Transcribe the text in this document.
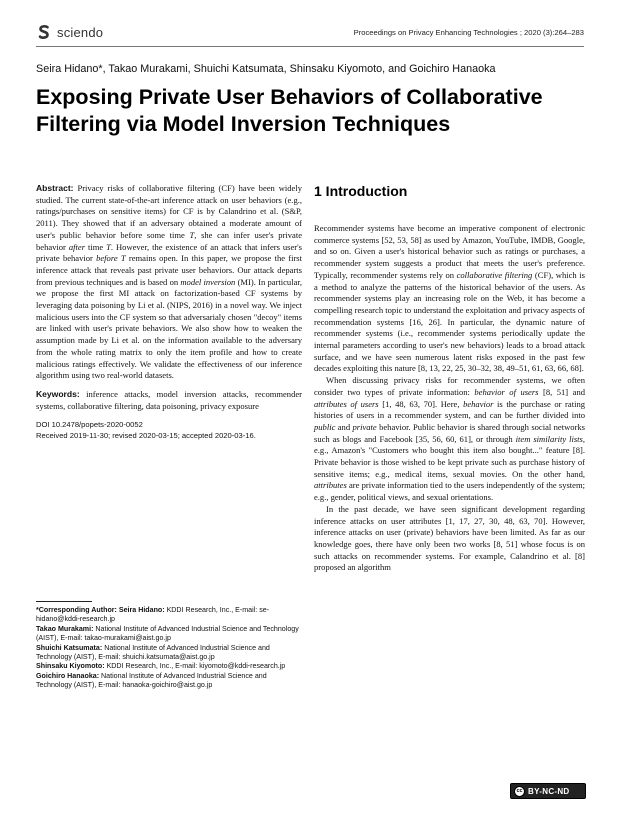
sciendo	Proceedings on Privacy Enhancing Technologies ; 2020 (3):264–283
Seira Hidano*, Takao Murakami, Shuichi Katsumata, Shinsaku Kiyomoto, and Goichiro Hanaoka
Exposing Private User Behaviors of Collaborative Filtering via Model Inversion Techniques

Abstract: Privacy risks of collaborative filtering (CF) have been widely studied. The current state-of-the-art inference attack on user behaviors (e.g., ratings/purchases on sensitive items) for CF is by Calandrino et al. (S&P, 2011). They showed that if an adversary obtained a moderate amount of user's public behavior before some time T, she can infer user's private behavior after time T. However, the existence of an attack that infers user's private behavior before T remains open. In this paper, we propose the first inference attack that reveals past private user behaviors. Our attack departs from previous techniques and is based on model inversion (MI). In particular, we propose the first MI attack on factorization-based CF systems by leveraging data poisoning by Li et al. (NIPS, 2016) in a novel way. We inject malicious users into the CF system so that adversarialy chosen "decoy" items are linked with user's private behaviors. We also show how to weaken the assumption made by Li et al. on the information available to the adversary from the whole rating matrix to only the item profile and how to create malicious ratings effectively. We validate the effectiveness of our inference algorithm using two real-world datasets.

Keywords: inference attacks, model inversion attacks, recommender systems, collaborative filtering, data poisoning, privacy exposure

DOI 10.2478/popets-2020-0052
Received 2019-11-30; revised 2020-03-15; accepted 2020-03-16.

*Corresponding Author: Seira Hidano: KDDI Research, Inc., E-mail: se-hidano@kddi-research.jp

Takao Murakami: National Institute of Advanced Industrial Science and Technology (AIST), E-mail: takao-murakami@aist.go.jp

Shuichi Katsumata: National Institute of Advanced Industrial Science and Technology (AIST), E-mail: shuichi.katsumata@aist.go.jp

Shinsaku Kiyomoto: KDDI Research, Inc., E-mail: kiyomoto@kddi-research.jp

Goichiro Hanaoka: National Institute of Advanced Industrial Science and Technology (AIST), E-mail: hanaoka-goichiro@aist.go.jp

1 Introduction

Recommender systems have become an imperative component of electronic commerce systems [52, 53, 58] as used by Amazon, YouTube, IMDB, Google, and so on. Given a user's historical behavior such as ratings or purchases, a recommender system suggests a product that meets the user's preference. Typically, recommender systems rely on collaborative filtering (CF), which is a method to analyze the patterns of the historical behavior of the users. As recommender systems play an increasing role on the Web, it has become a compelling research topic to understand the exploitation and privacy aspects of recommendation systems [16, 26]. In particular, the dynamic nature of recommender systems (i.e., recommender systems periodically update the internal parameters according to user's new behaviors) leads to a broad attack surface, and we have seen numerous latent risks exposed in the past few decades exploiting this nature [8, 13, 22, 25, 30–32, 38, 49–51, 61, 63, 66, 68].

When discussing privacy risks for recommender systems, we often consider two types of private information: behavior of users [8, 51] and attributes of users [1, 48, 63, 70]. Here, behavior is the purchase or rating histories of users in a recommender system, and can be further divided into public and private behavior. Public behavior is shared through social networks such as blogs and Facebook [35, 56, 60, 61], or through item similarity lists, e.g., Amazon's "Customers who bought this item also bought..." feature [8]. Private behavior is those wished to be kept private such as purchase history of sensitive items; e.g., medical items, sexual movies. On the other hand, attributes are private information tied to the users independently of the system; e.g., gender, political views, and sexual orientations.

In the past decade, we have seen significant development regarding inference attacks on user attributes [1, 17, 27, 30, 48, 63, 70]. However, inference attacks on user (private) behaviors have been limited. As far as our knowledge goes, there have only been two works [8, 51] whose focus is on such attacks on recommender systems. For example, Calandrino et al. [8] proposed an algorithm

cc BY-NC-ND
